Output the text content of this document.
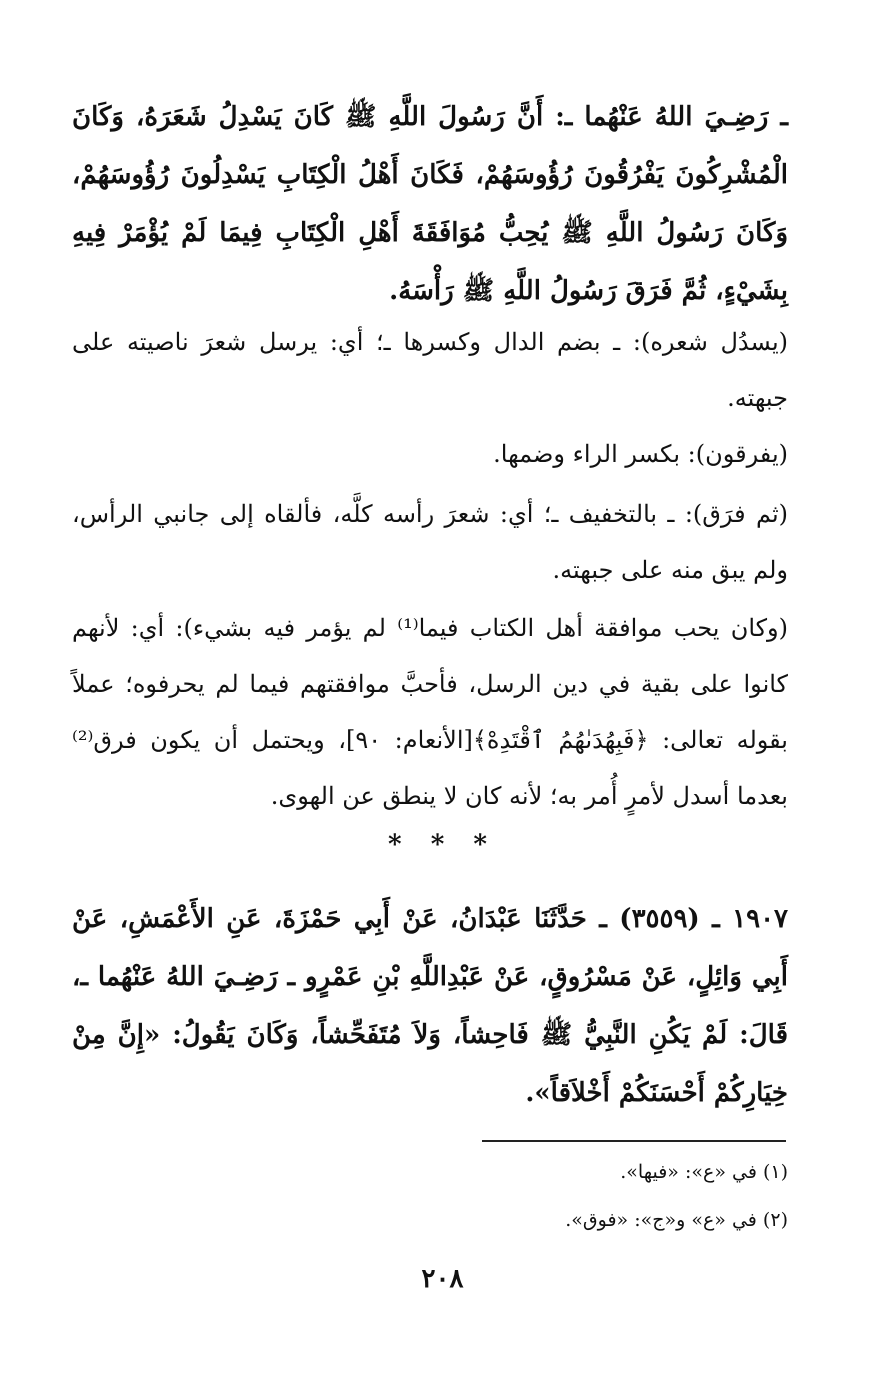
ـ رَضِـيَ اللهُ عَنْهُما ـ: أَنَّ رَسُولَ اللَّهِ ﷺ كَانَ يَسْدِلُ شَعَرَهُ، وَكَانَ الْمُشْرِكُونَ يَفْرُقُونَ رُؤُوسَهُمْ، فَكَانَ أَهْلُ الْكِتَابِ يَسْدِلُونَ رُؤُوسَهُمْ، وَكَانَ رَسُولُ اللَّهِ ﷺ يُحِبُّ مُوَافَقَةَ أَهْلِ الْكِتَابِ فِيمَا لَمْ يُؤْمَرْ فِيهِ بِشَيْءٍ، ثُمَّ فَرَقَ رَسُولُ اللَّهِ ﷺ رَأْسَهُ.
(يسدُل شعره): ـ بضم الدال وكسرها ـ؛ أي: يرسل شعرَ ناصيته على جبهته.
(يفرقون): بكسر الراء وضمها.
(ثم فرَق): ـ بالتخفيف ـ؛ أي: شعرَ رأسه كلَّه، فألقاه إلى جانبي الرأس، ولم يبق منه على جبهته.
(وكان يحب موافقة أهل الكتاب فيما⁽¹⁾ لم يؤمر فيه بشيء): أي: لأنهم كانوا على بقية في دين الرسل، فأحبَّ موافقتهم فيما لم يحرفوه؛ عملاً بقوله تعالى: ﴿فَبِهُدَىٰهُمُ ٱقْتَدِهْ﴾[الأنعام: ٩٠]، ويحتمل أن يكون فرق⁽²⁾ بعدما أسدل لأمرٍ أُمر به؛ لأنه كان لا ينطق عن الهوى.
* * *
١٩٠٧ ـ (٣٥٥٩) ـ حَدَّثَنَا عَبْدَانُ، عَنْ أَبِي حَمْزَةَ، عَنِ الأَعْمَشِ، عَنْ أَبِي وَائِلٍ، عَنْ مَسْرُوقٍ، عَنْ عَبْدِاللَّهِ بْنِ عَمْرٍو ـ رَضِـيَ اللهُ عَنْهُما ـ، قَالَ: لَمْ يَكُنِ النَّبِيُّ ﷺ فَاحِشاً، وَلاَ مُتَفَحِّشاً، وَكَانَ يَقُولُ: «إِنَّ مِنْ خِيَارِكُمْ أَحْسَنَكُمْ أَخْلاَقاً».
(١) في «ع»: «فيها».
(٢) في «ع» و«ج»: «فوق».
٢٠٨
